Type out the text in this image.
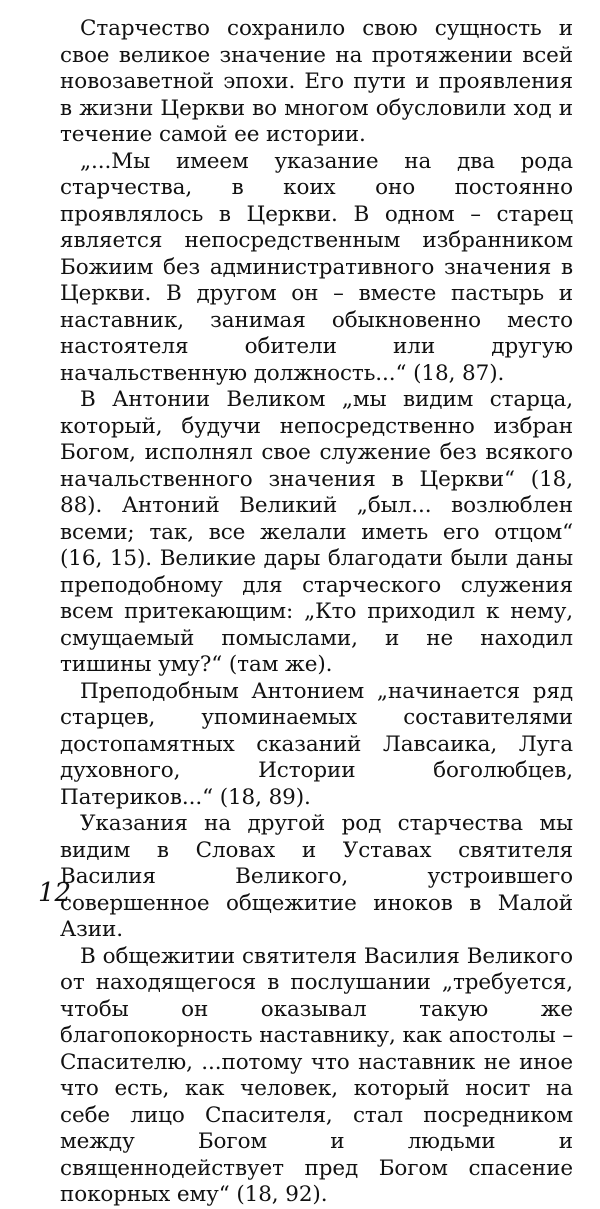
Старчество сохранило свою сущность и свое великое значение на протяжении всей новозаветной эпохи. Его пути и проявления в жизни Церкви во многом обусловили ход и течение самой ее истории.

„...Мы имеем указание на два рода старчества, в коих оно постоянно проявлялось в Церкви. В одном – старец является непосредственным избранником Божиим без административного значения в Церкви. В другом он – вместе пастырь и наставник, занимая обыкновенно место настоятеля обители или другую начальственную должность...“ (18, 87).

В Антонии Великом „мы видим старца, который, будучи непосредственно избран Богом, исполнял свое служение без всякого начальственного значения в Церкви“ (18, 88). Антоний Великий „был... возлюблен всеми; так, все желали иметь его отцом“ (16, 15). Великие дары благодати были даны преподобному для старческого служения всем притекающим: „Кто приходил к нему, смущаемый помыслами, и не находил тишины уму?“ (там же).

Преподобным Антонием „начинается ряд старцев, упоминаемых составителями достопамятных сказаний Лавсаика, Луга духовного, Истории боголюбцев, Патериков...“ (18, 89).

Указания на другой род старчества мы видим в Словах и Уставах святителя Василия Великого, устроившего совершенное общежитие иноков в Малой Азии.

В общежитии святителя Василия Великого от находящегося в послушании „требуется, чтобы он оказывал такую же благопокорность наставнику, как апостолы – Спасителю, ...потому что наставник не иное что есть, как человек, который носит на себе лицо Спасителя, стал посредником между Богом и людьми и священнодействует пред Богом спасение покорных ему“ (18, 92).

12
